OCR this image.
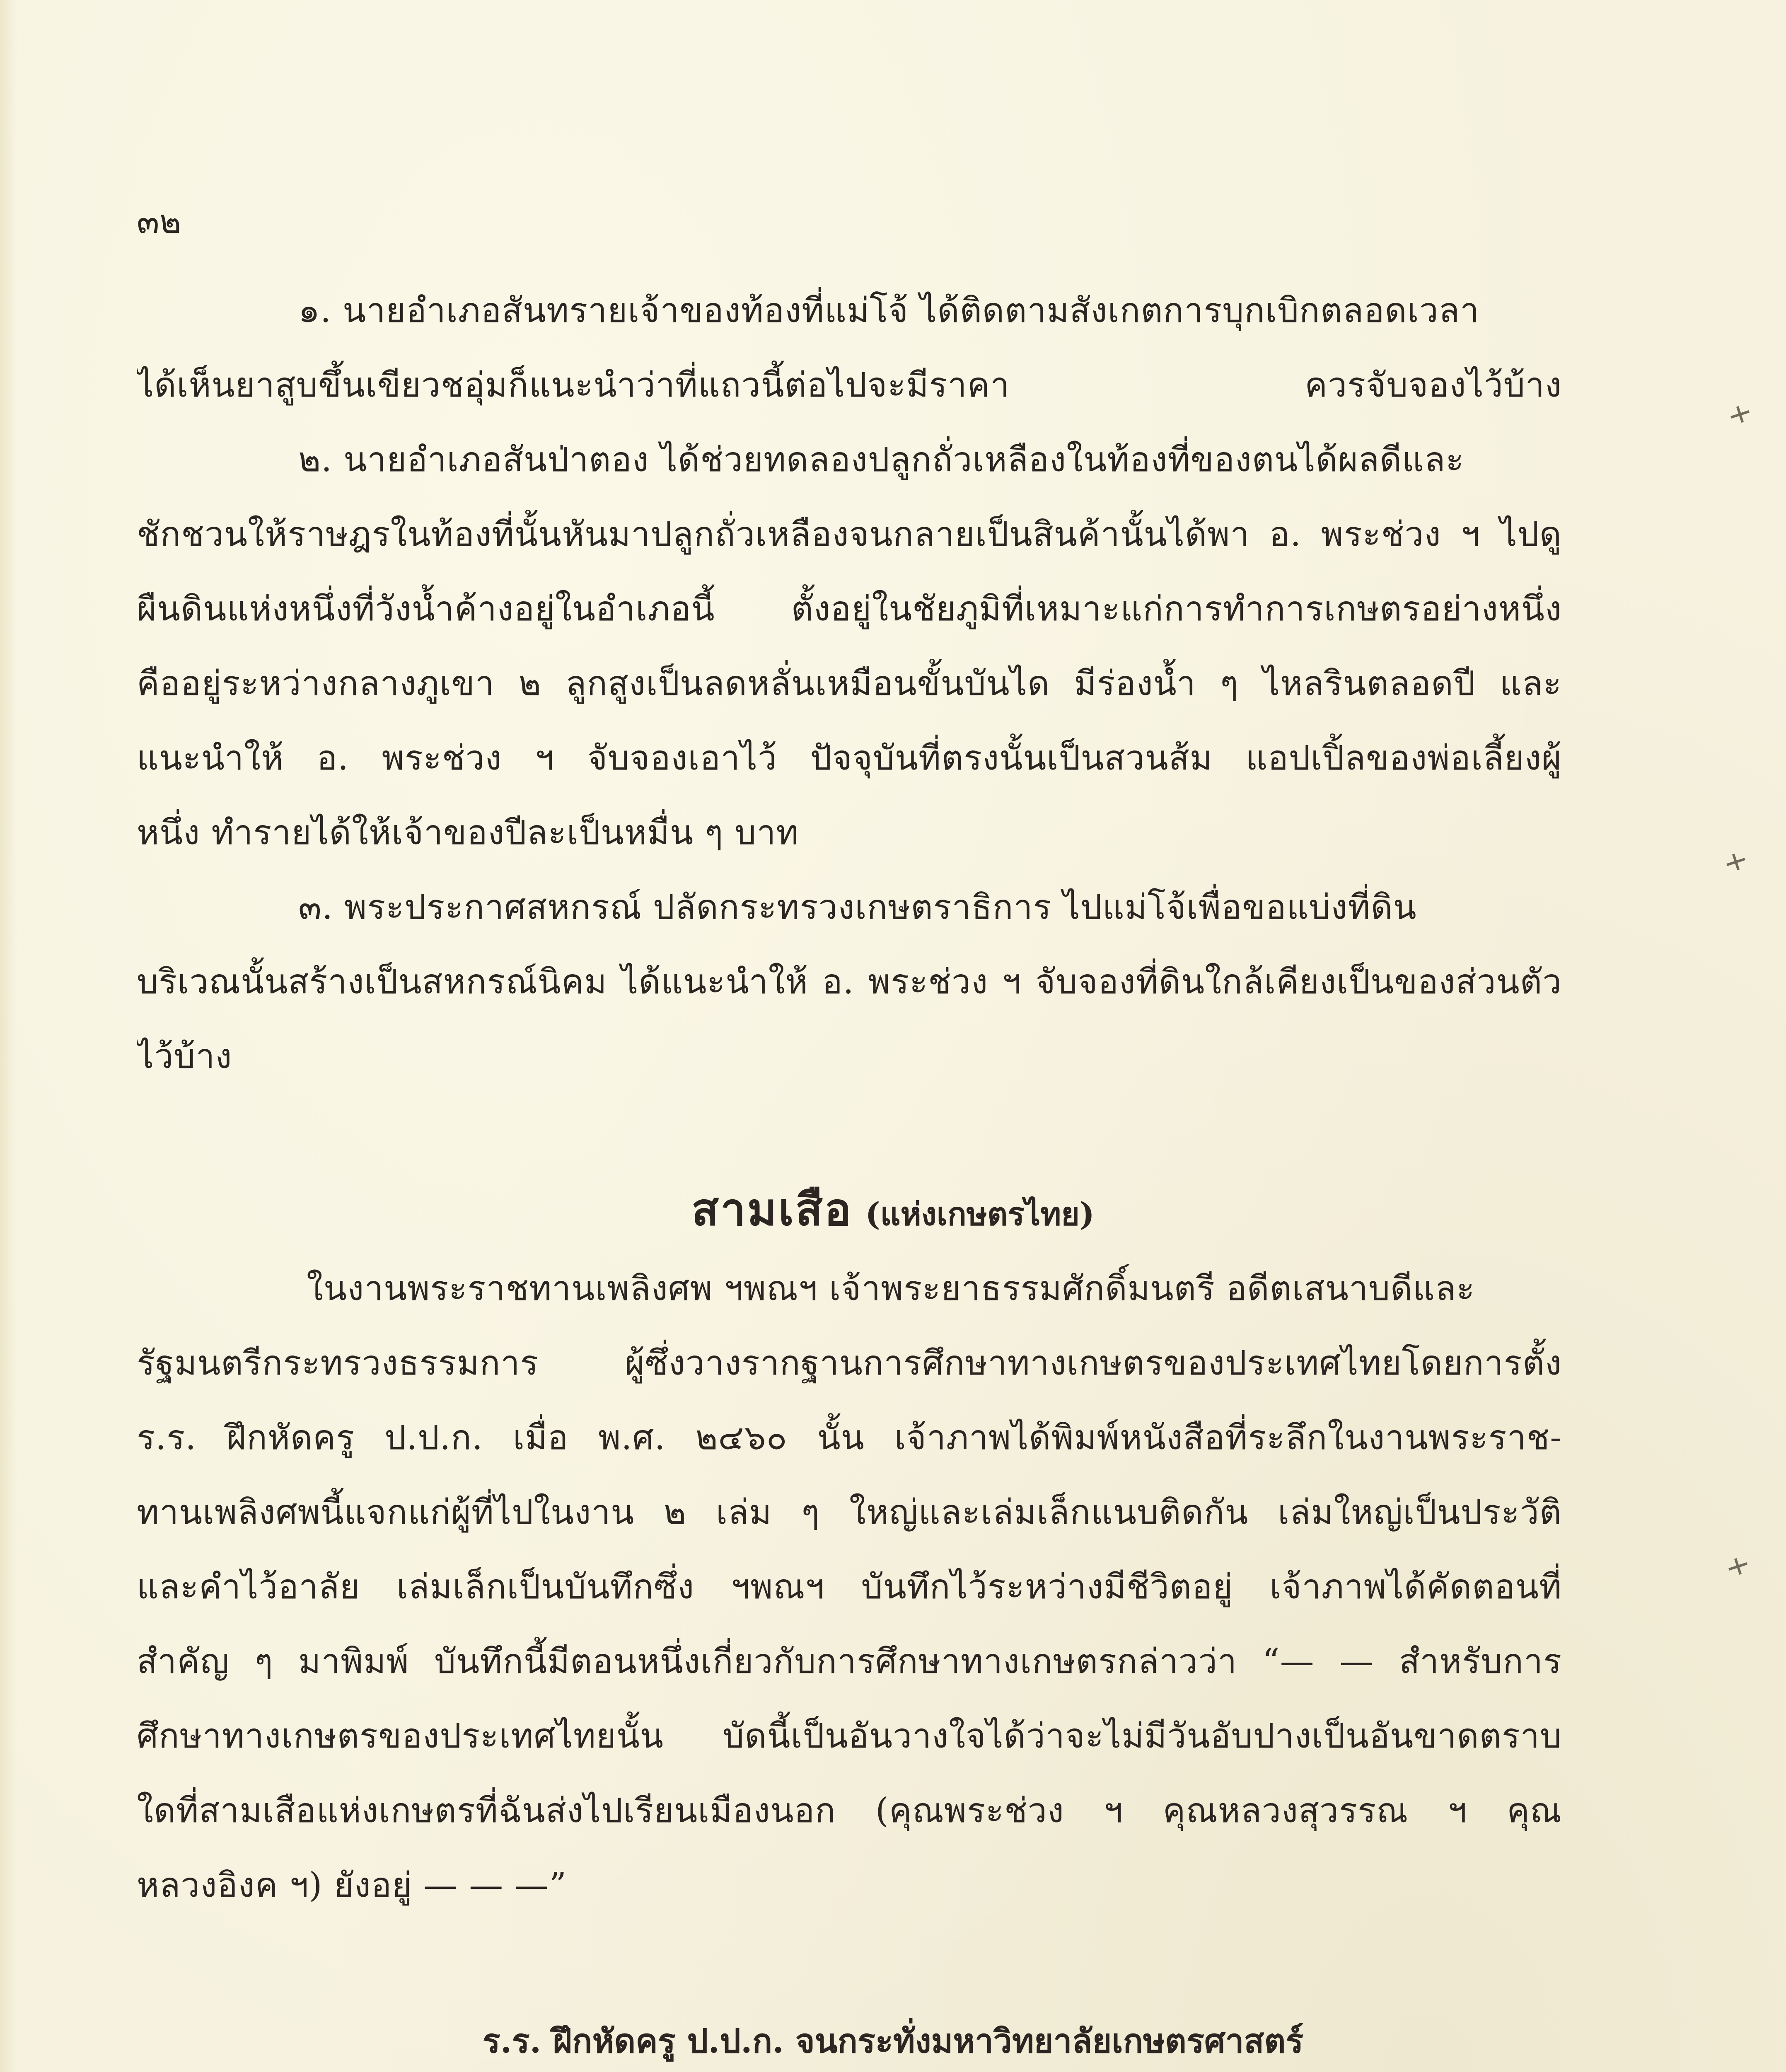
๓๒
๑. นายอำเภอสันทรายเจ้าของท้องที่แม่โจ้ ได้ติดตามสังเกตการบุกเบิกตลอดเวลา
ได้เห็นยาสูบขึ้นเขียวชอุ่มก็แนะนำว่าที่แถวนี้ต่อไปจะมีราคา ควรจับจองไว้บ้าง
๒. นายอำเภอสันป่าตอง ได้ช่วยทดลองปลูกถั่วเหลืองในท้องที่ของตนได้ผลดีและ
ชักชวนให้ราษฎรในท้องที่นั้นหันมาปลูกถั่วเหลืองจนกลายเป็นสินค้านั้นได้พา อ. พระช่วง ฯ ไปดู
ผืนดินแห่งหนึ่งที่วังน้ำค้างอยู่ในอำเภอนี้ ตั้งอยู่ในชัยภูมิที่เหมาะแก่การทำการเกษตรอย่างหนึ่ง
คืออยู่ระหว่างกลางภูเขา ๒ ลูกสูงเป็นลดหลั่นเหมือนขั้นบันได มีร่องน้ำ ๆ ไหลรินตลอดปี และ
แนะนำให้ อ. พระช่วง ฯ จับจองเอาไว้ ปัจจุบันที่ตรงนั้นเป็นสวนส้ม แอปเปิ้ลของพ่อเลี้ยงผู้
หนึ่ง ทำรายได้ให้เจ้าของปีละเป็นหมื่น ๆ บาท
๓. พระประกาศสหกรณ์ ปลัดกระทรวงเกษตราธิการ ไปแม่โจ้เพื่อขอแบ่งที่ดิน
บริเวณนั้นสร้างเป็นสหกรณ์นิคม ได้แนะนำให้ อ. พระช่วง ฯ จับจองที่ดินใกล้เคียงเป็นของส่วนตัว
ไว้บ้าง
สามเสือ (แห่งเกษตรไทย)
ในงานพระราชทานเพลิงศพ ฯพณฯ เจ้าพระยาธรรมศักดิ์มนตรี อดีตเสนาบดีและ
รัฐมนตรีกระทรวงธรรมการ ผู้ซึ่งวางรากฐานการศึกษาทางเกษตรของประเทศไทยโดยการตั้ง
ร.ร. ฝึกหัดครู ป.ป.ก. เมื่อ พ.ศ. ๒๔๖๐ นั้น เจ้าภาพได้พิมพ์หนังสือที่ระลึกในงานพระราช-
ทานเพลิงศพนี้แจกแก่ผู้ที่ไปในงาน ๒ เล่ม ๆ ใหญ่และเล่มเล็กแนบติดกัน เล่มใหญ่เป็นประวัติ
และคำไว้อาลัย เล่มเล็กเป็นบันทึกซึ่ง ฯพณฯ บันทึกไว้ระหว่างมีชีวิตอยู่ เจ้าภาพได้คัดตอนที่
สำคัญ ๆ มาพิมพ์ บันทึกนี้มีตอนหนึ่งเกี่ยวกับการศึกษาทางเกษตรกล่าวว่า “— — สำหรับการ
ศึกษาทางเกษตรของประเทศไทยนั้น บัดนี้เป็นอันวางใจได้ว่าจะไม่มีวันอับปางเป็นอันขาดตราบ
ใดที่สามเสือแห่งเกษตรที่ฉันส่งไปเรียนเมืองนอก (คุณพระช่วง ฯ คุณหลวงสุวรรณ ฯ คุณ
หลวงอิงค ฯ) ยังอยู่ — — —”
ร.ร. ฝึกหัดครู ป.ป.ก. จนกระทั่งมหาวิทยาลัยเกษตรศาสตร์
